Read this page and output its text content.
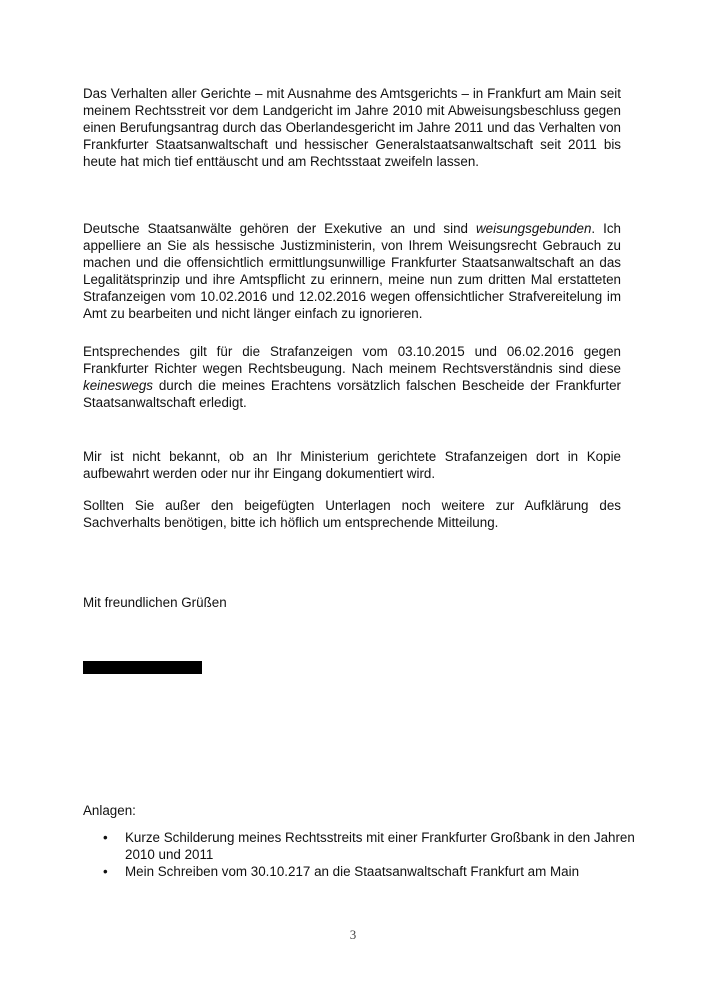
Das Verhalten aller Gerichte – mit Ausnahme des Amtsgerichts – in Frankfurt am Main seit meinem Rechtsstreit vor dem Landgericht im Jahre 2010 mit Abweisungsbeschluss gegen einen Berufungsantrag durch das Oberlandesgericht im Jahre 2011 und das Verhalten von Frankfurter Staatsanwaltschaft und hessischer Generalstaatsanwaltschaft seit 2011 bis heute hat mich tief enttäuscht und am Rechtsstaat zweifeln lassen.

Deutsche Staatsanwälte gehören der Exekutive an und sind weisungsgebunden. Ich appelliere an Sie als hessische Justizministerin, von Ihrem Weisungsrecht Gebrauch zu machen und die offensichtlich ermittlungsunwillige Frankfurter Staatsanwaltschaft an das Legalitätsprinzip und ihre Amtspflicht zu erinnern, meine nun zum dritten Mal erstatteten Strafanzeigen vom 10.02.2016 und 12.02.2016 wegen offensichtlicher Strafvereitelung im Amt zu bearbeiten und nicht länger einfach zu ignorieren.

Entsprechendes gilt für die Strafanzeigen vom 03.10.2015 und 06.02.2016 gegen Frankfurter Richter wegen Rechtsbeugung. Nach meinem Rechtsverständnis sind diese keineswegs durch die meines Erachtens vorsätzlich falschen Bescheide der Frankfurter Staatsanwaltschaft erledigt.

Mir ist nicht bekannt, ob an Ihr Ministerium gerichtete Strafanzeigen dort in Kopie aufbewahrt werden oder nur ihr Eingang dokumentiert wird.

Sollten Sie außer den beigefügten Unterlagen noch weitere zur Aufklärung des Sachverhalts benötigen, bitte ich höflich um entsprechende Mitteilung.

Mit freundlichen Grüßen

Anlagen:

• Kurze Schilderung meines Rechtsstreits mit einer Frankfurter Großbank in den Jahren 2010 und 2011
• Mein Schreiben vom 30.10.217 an die Staatsanwaltschaft Frankfurt am Main
3
